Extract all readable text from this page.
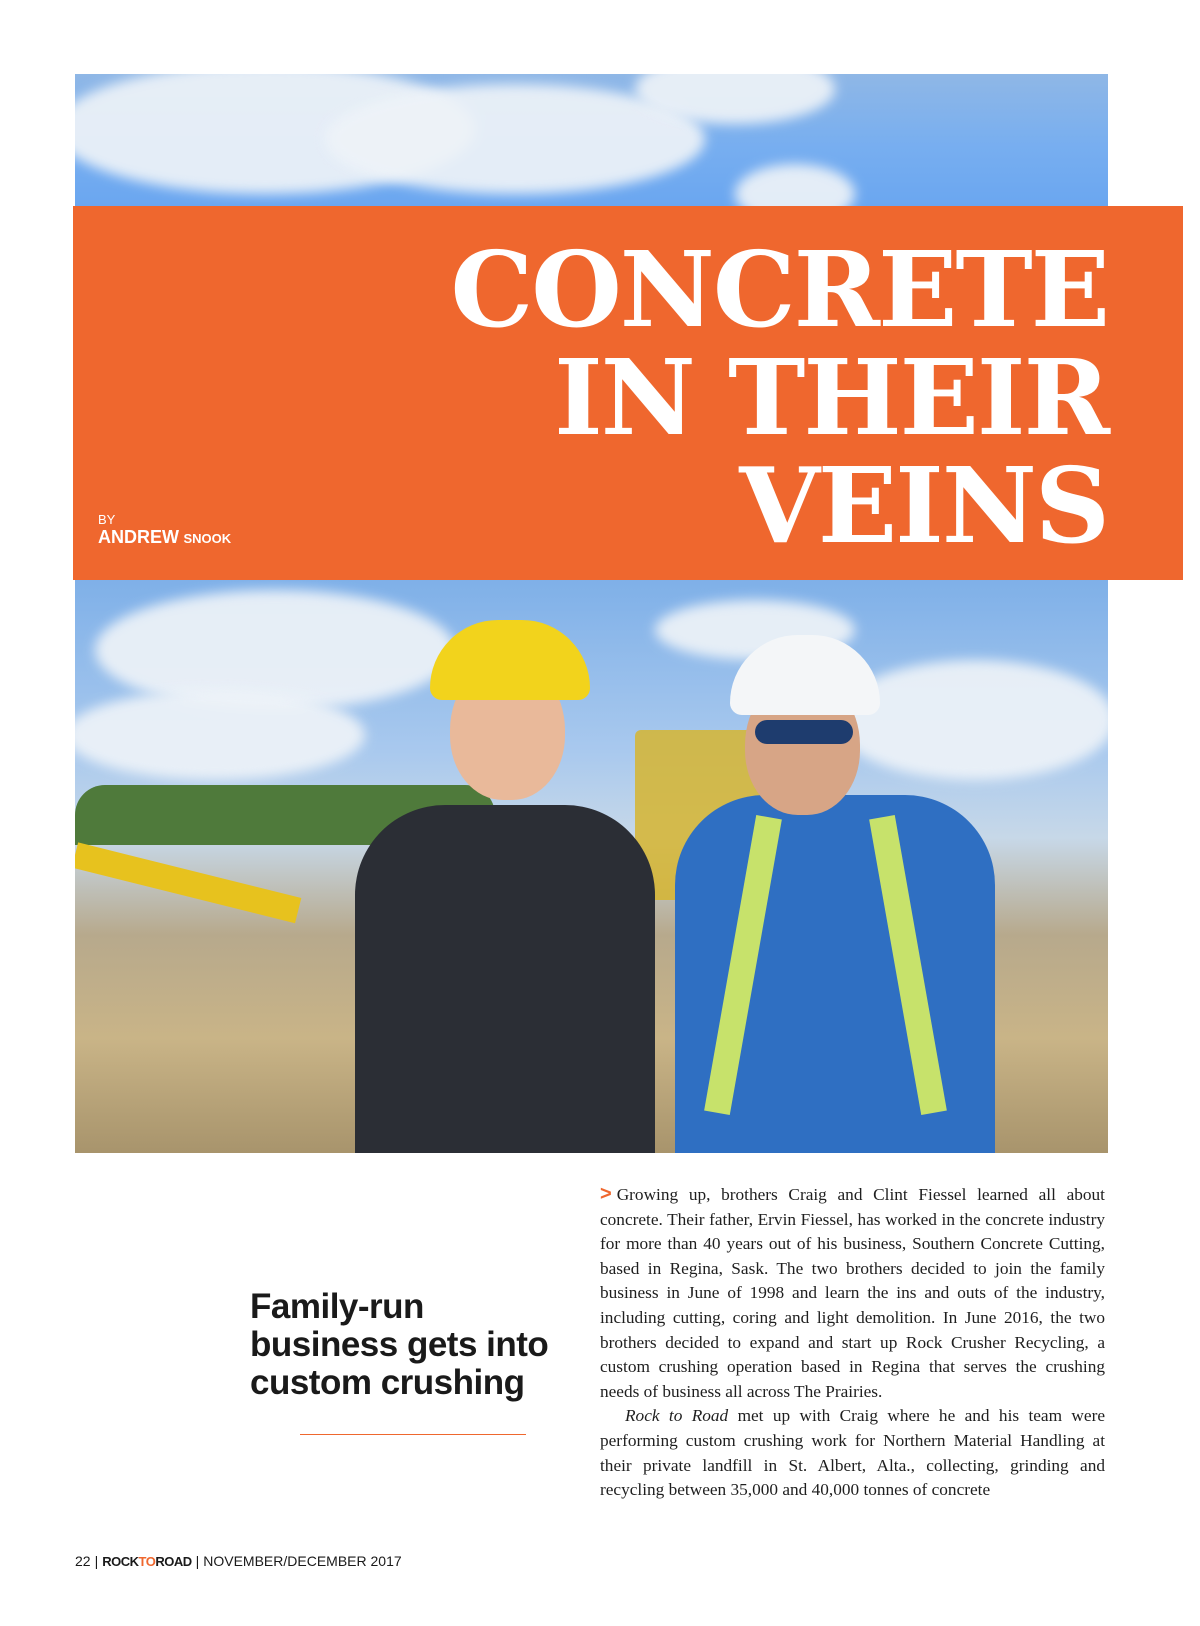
CONCRETE
IN THEIR
VEINS
BY
ANDREW SNOOK
Family-run business gets into custom crushing

> Growing up, brothers Craig and Clint Fiessel learned all about concrete. Their father, Ervin Fiessel, has worked in the concrete industry for more than 40 years out of his business, Southern Concrete Cutting, based in Regina, Sask. The two brothers decided to join the family business in June of 1998 and learn the ins and outs of the industry, including cutting, coring and light demolition. In June 2016, the two brothers decided to expand and start up Rock Crusher Recycling, a custom crushing operation based in Regina that serves the crushing needs of business all across The Prairies.

Rock to Road met up with Craig where he and his team were performing custom crushing work for Northern Material Handling at their private landfill in St. Albert, Alta., collecting, grinding and recycling between 35,000 and 40,000 tonnes of concrete

22 | ROCKTOROAD | NOVEMBER/DECEMBER 2017
